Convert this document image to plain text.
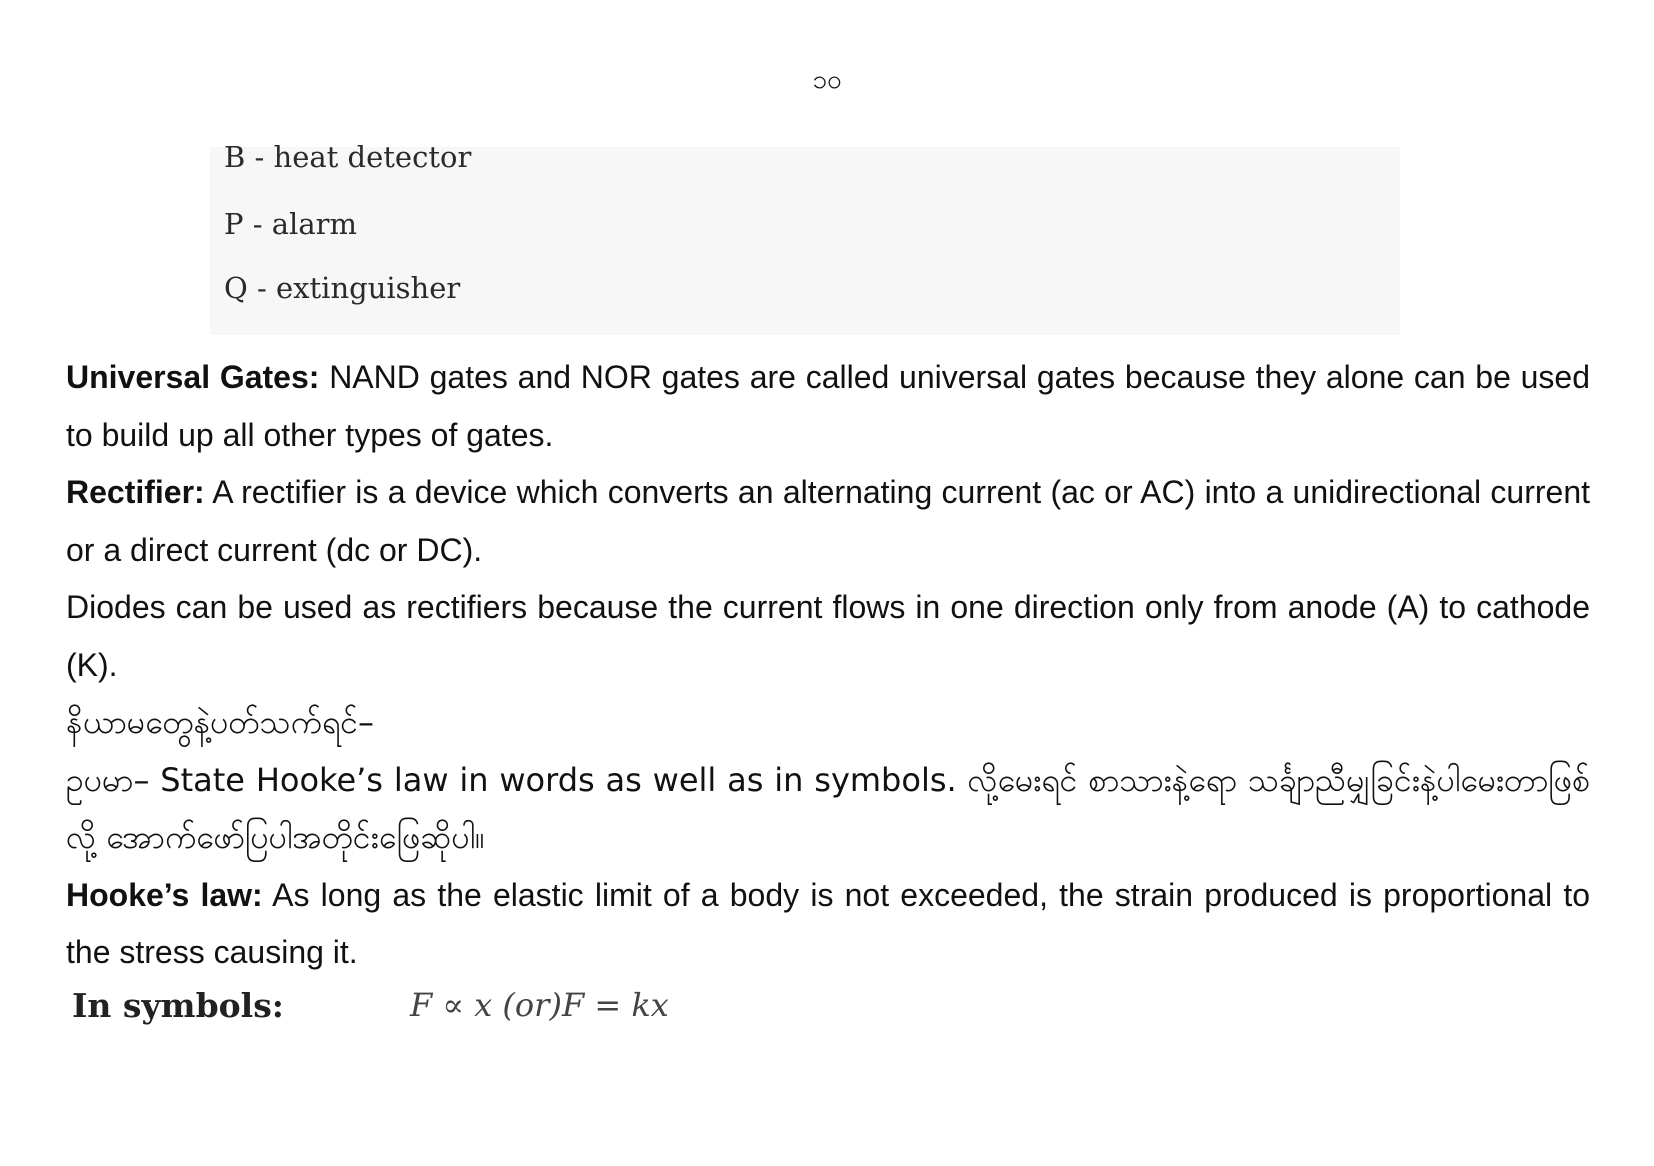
၁၀
B - heat detector
P - alarm
Q - extinguisher

Universal Gates: NAND gates and NOR gates are called universal gates because they alone can be used to build up all other types of gates.

Rectifier: A rectifier is a device which converts an alternating current (ac or AC) into a unidirectional current or a direct current (dc or DC).

Diodes can be used as rectifiers because the current flows in one direction only from anode (A) to cathode (K).

နိယာမတွေနဲ့ပတ်သက်ရင်–

ဥပမာ– State Hooke’s law in words as well as in symbols. လို့မေးရင် စာသားနဲ့ရော သင်္ချာညီမျှခြင်းနဲ့ပါမေးတာဖြစ်လို့ အောက်ဖော်ပြပါအတိုင်းဖြေဆိုပါ။

Hooke’s law: As long as the elastic limit of a body is not exceeded, the strain produced is proportional to the stress causing it.

In symbols:	F ∝ x (or)F = kx
